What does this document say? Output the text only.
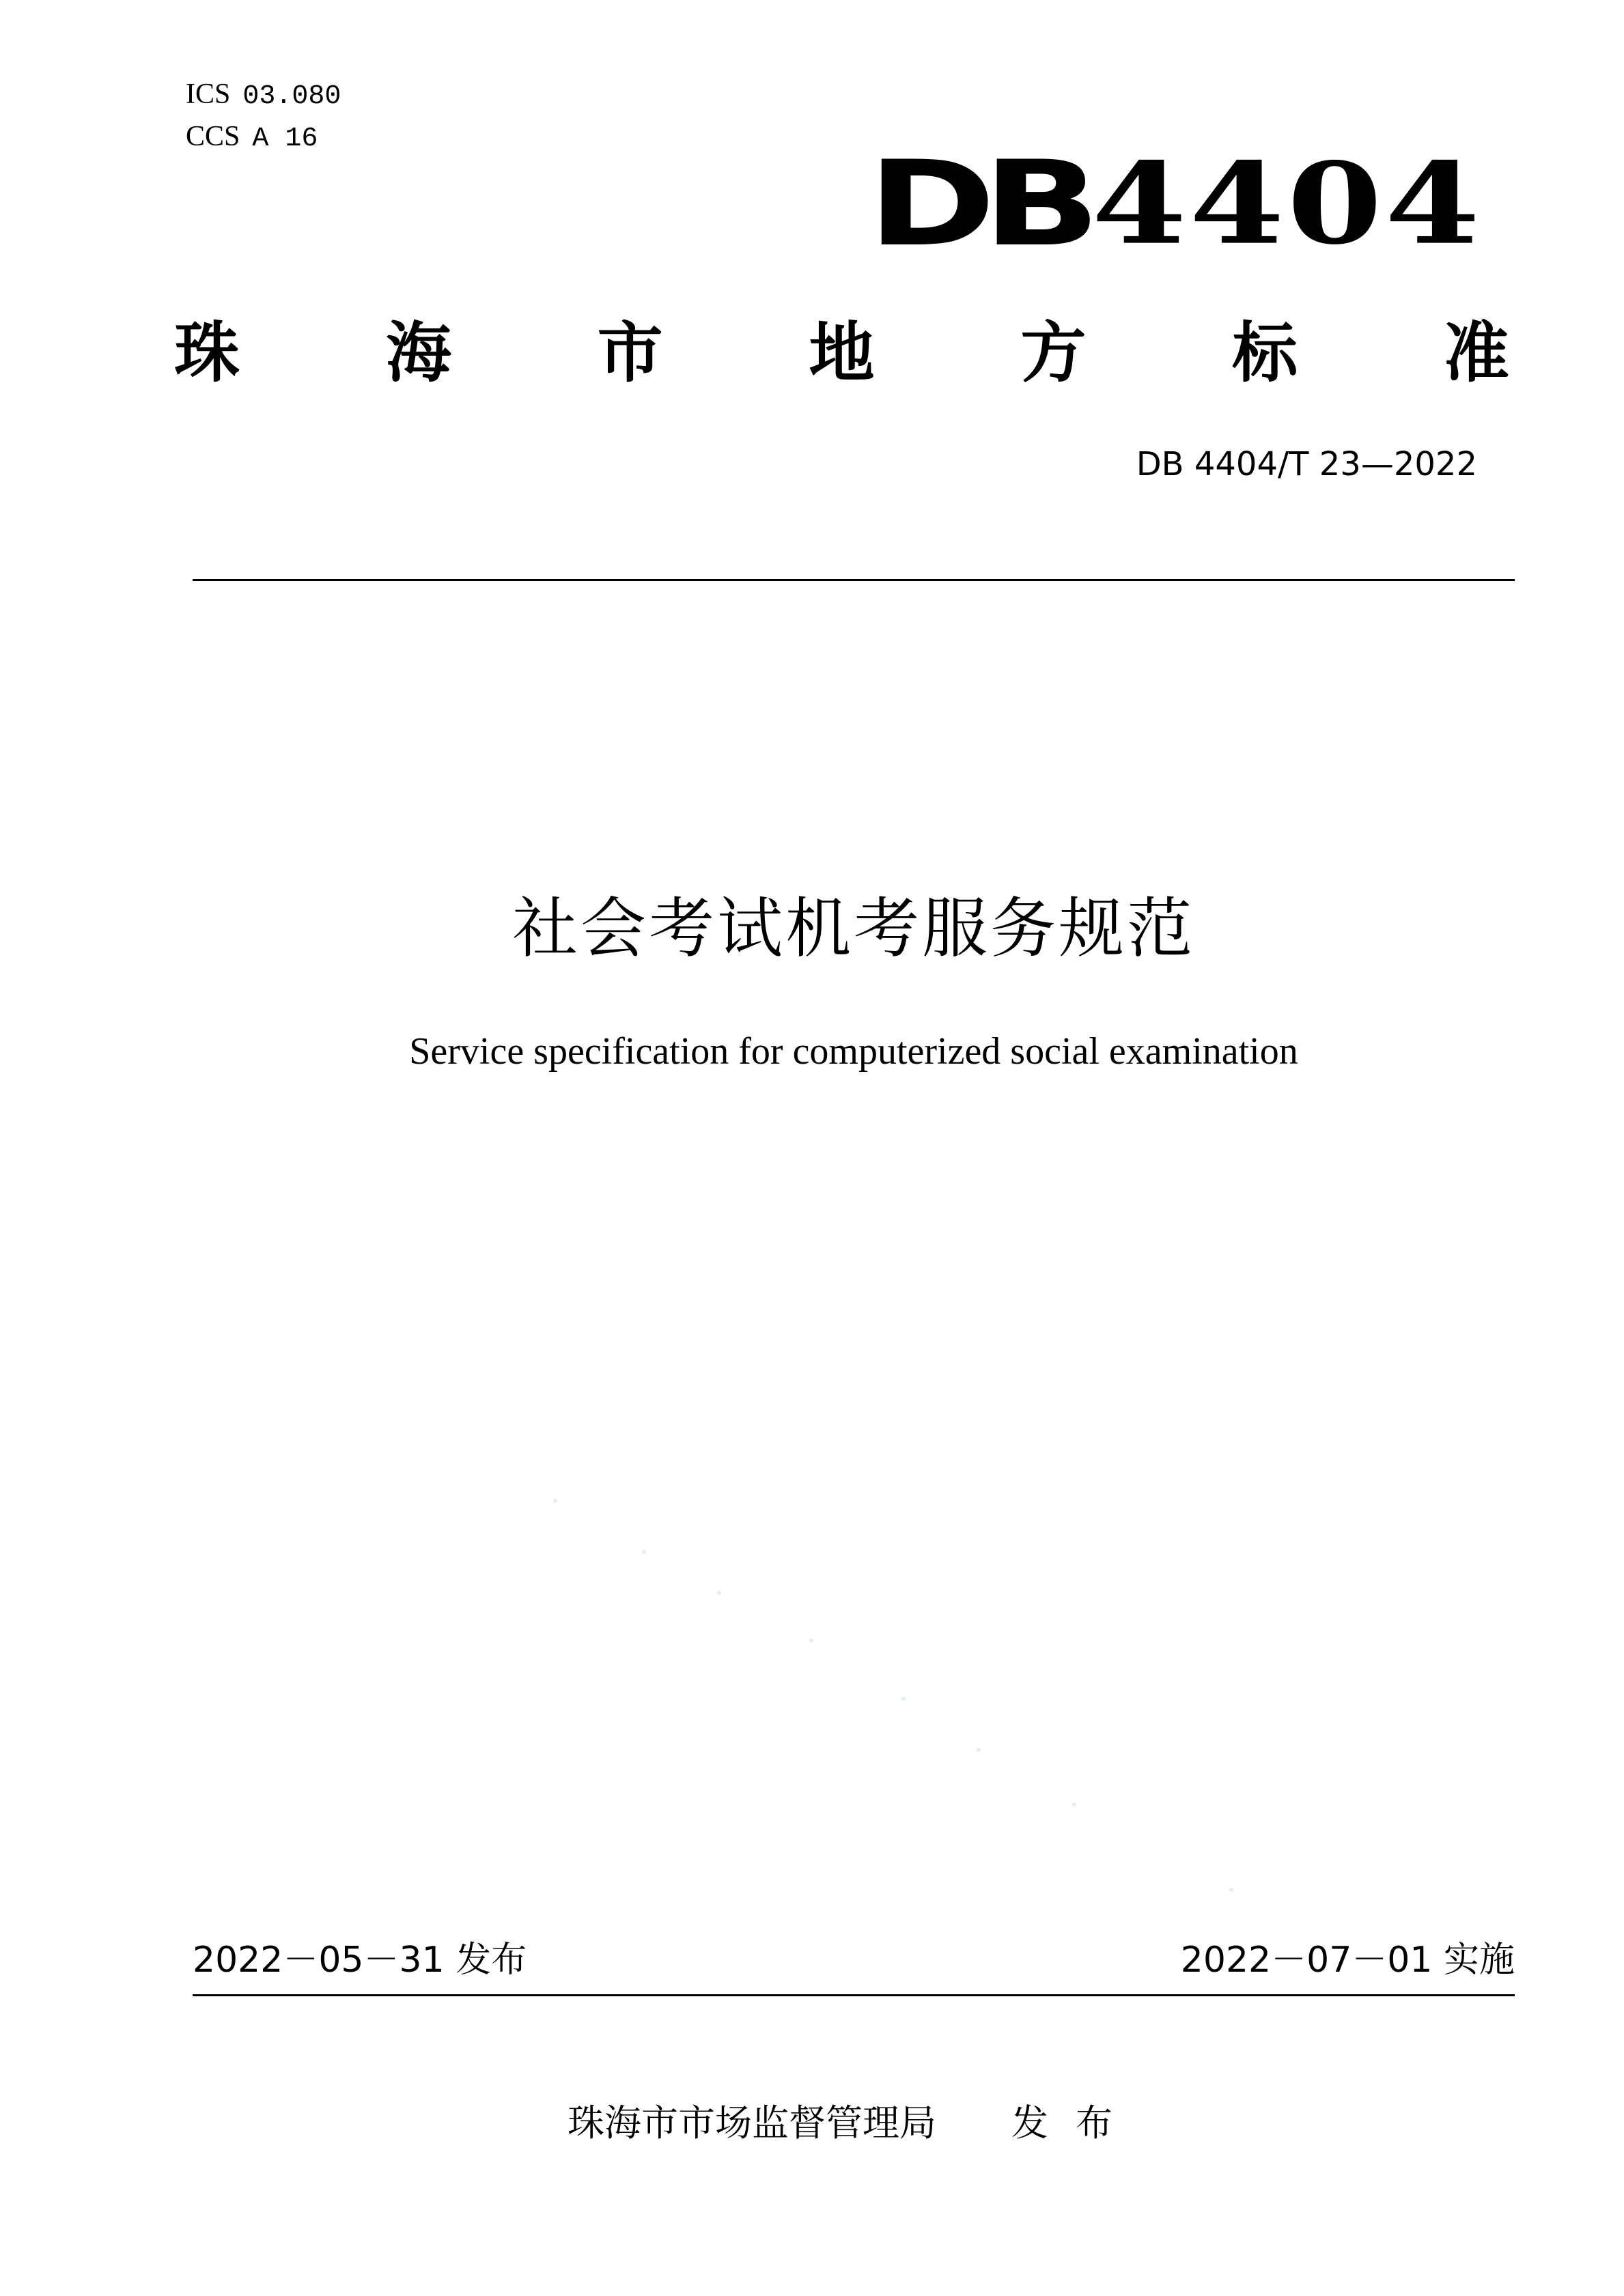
ICS 03.080
CCS A 16	DB4404
珠 海 市 地 方 标 准
DB 4404/T 23—2022
社会考试机考服务规范
Service specification for computerized social examination
2022－05－31 发布	2022－07－01 实施
珠海市市场监督管理局 发布
